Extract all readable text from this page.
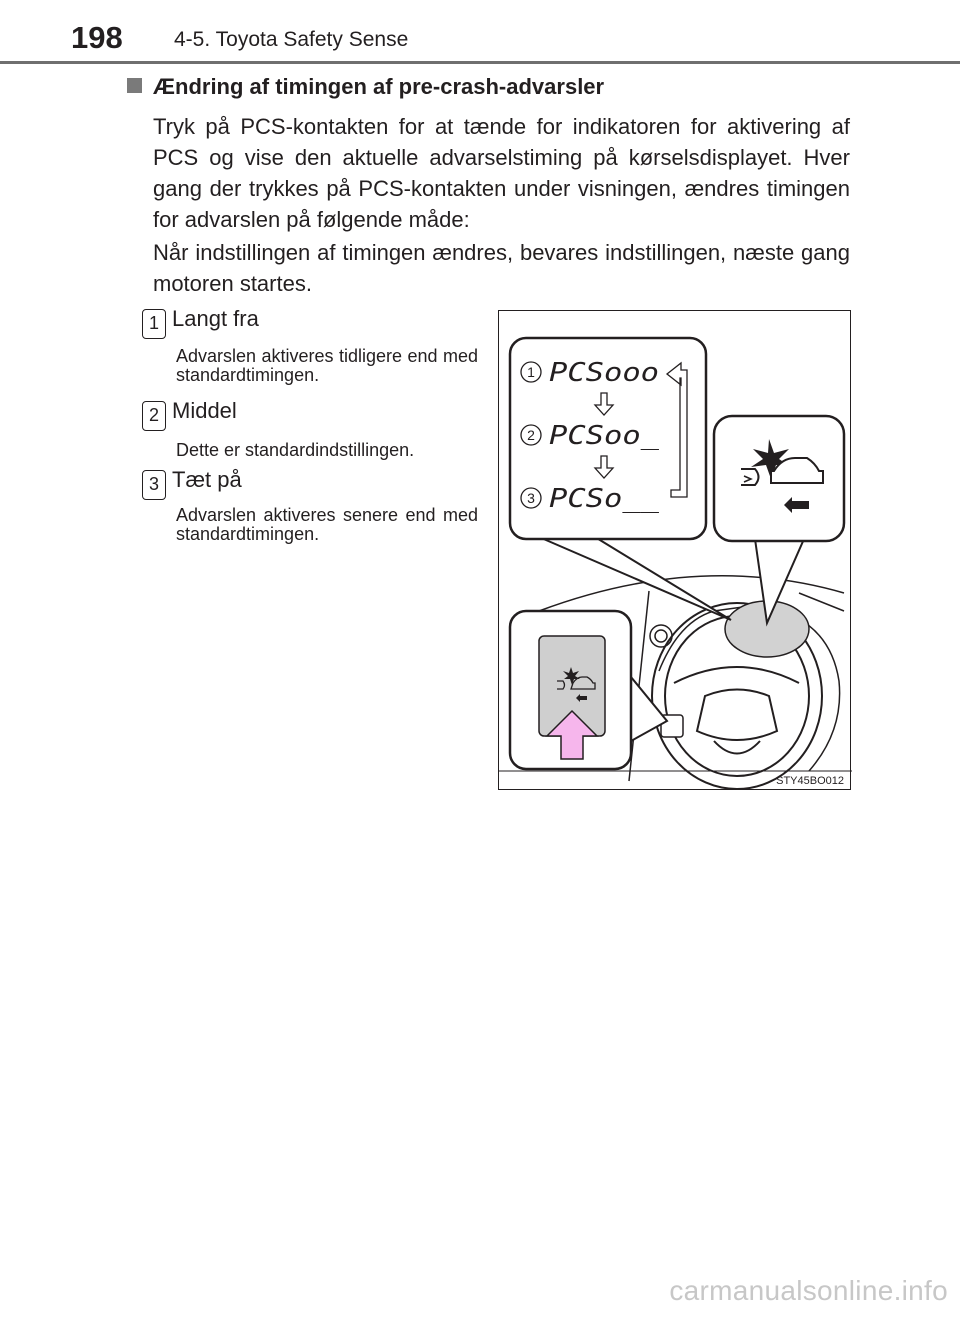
198 4-5. Toyota Safety Sense
Ændring af timingen af pre-crash-advarsler

Tryk på PCS-kontakten for at tænde for indikatoren for aktivering af PCS og vise den aktuelle advarselstiming på kørselsdisplayet. Hver gang der trykkes på PCS-kontakten under visningen, ændres timingen for advarslen på følgende måde:

Når indstillingen af timingen ændres, bevares indstillingen, næste gang motoren startes.

1 Langt fra

Advarslen aktiveres tidligere end med standardtimingen.

2 Middel

Dette er standardindstillingen.

3 Tæt på

Advarslen aktiveres senere end med standardtimingen.

1
2
3
PCSooo
PCSoo_
PCSo__
STY45BO012
carmanualsonline.info
